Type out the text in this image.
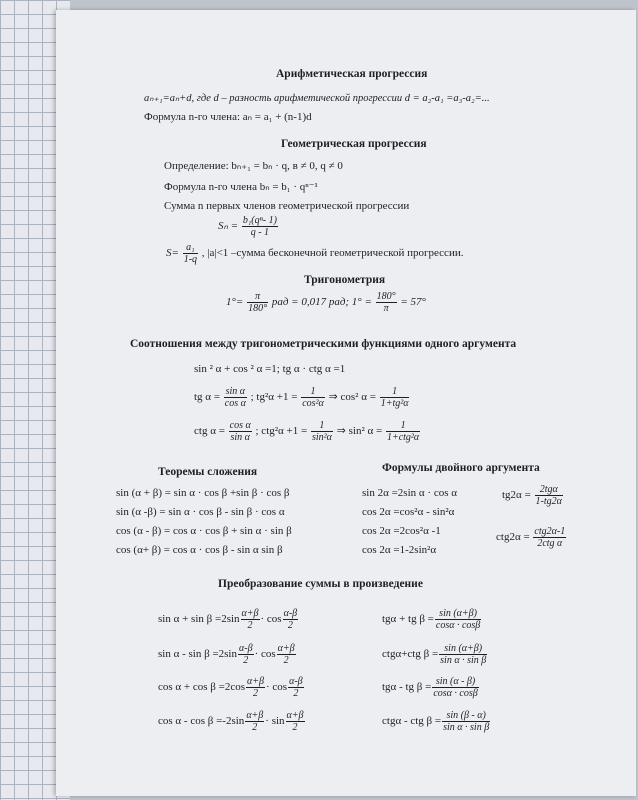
Арифметическая прогрессия
aₙ₊₁=aₙ+d, где d – разность арифметической прогрессии d = a₂-a₁ =a₃-a₂=...
Формула n-го члена: aₙ = a₁ + (n-1)d
Геометрическая прогрессия
Определение: bₙ₊₁ = bₙ · q, в ≠ 0, q ≠ 0
Формула n-го члена bₙ = b₁ · qⁿ⁻¹
Сумма n первых членов геометрической прогрессии
$S_n = \frac{\text{b₁(qⁿ- 1)}}{q - 1}$
$S= \frac{\text{a₁}}{1-q}$ , |a|<1 –сумма бесконечной геометрической прогрессии.
Тригонометрия
$1^\circ= \frac{\pi}{180^\circ}$ рад = 0,017 рад; $1^\circ = \frac{180^\circ}{\pi} = 57^\circ$
Соотношения между тригонометрическими функциями одного аргумента
sin ² α + cos ² α =1; tg α · ctg α =1
tg $\alpha = \frac{\text{sin α}}{\text{cos α}}$ ; $tg^2\alpha +1 = \frac{1}{\text{cos²α}}$ ⇒ cos² $\alpha = \frac{1}{\text{1+tg²α}}$
ctg $\alpha = \frac{\text{cos α}}{\text{sin α}}$ ; $ctg^2\alpha +1 = \frac{1}{\text{sin²α}}$ ⇒ sin² α =	1
1+ctg²α
Теоремы сложения
sin (α + β) = sin α · cos β +sin β · cos β
sin (α -β) = sin α · cos β - sin β · cos α
cos (α - β) = cos α · cos β + sin α · sin β
cos (α+ β) = cos α · cos β - sin α sin β
Формулы двойного аргумента
sin 2α =2sin α · cos α
cos 2α =cos²α - sin²α
cos 2α =2cos²α -1
cos 2α =1-2sin²α
tg2α = 2tgα
1-tg2α
ctg2α = ctg2α-1
2ctg α
Преобразование суммы в произведение
$\sin \alpha + \sin \beta =2\sin \frac{\alpha+\beta}{2} \cdot \cos \frac{\alpha-\beta}{2}$
$\sin \alpha - \sin \beta =2\sin \frac{\alpha-\beta}{2} \cdot \cos \frac{\alpha+\beta}{2}$
$\cos \alpha + \cos \beta =2\cos \frac{\alpha+\beta}{2} \cdot \cos \frac{\alpha-\beta}{2}$
$\cos \alpha - \cos \beta =-2\sin \frac{\alpha+\beta}{2} \cdot \sin \frac{\alpha+\beta}{2}$
tgα + tg $\beta = \frac{\sin (\alpha+\beta)}{\cos\alpha \cdot \cos\beta}$
ctgα+ctg $\beta = \frac{\sin (\alpha+\beta)}{\text{sin α · sin β}}$
tgα - tg $\beta = \frac{\sin (\alpha - \beta)}{\cos\alpha \cdot \cos\beta}$
ctgα - ctg $\beta = \frac{\sin (\beta - \alpha)}{\text{sin α · sin β}}$
